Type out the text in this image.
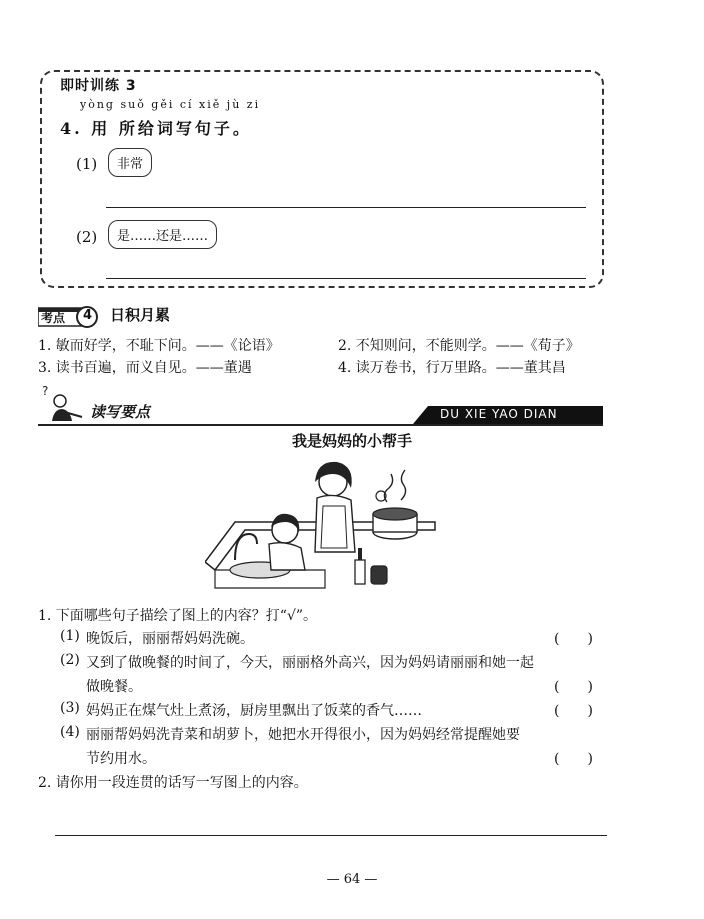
即时训练 3
yòng suǒ gěi cí xiě jù zi
4. 用 所给词写句子。
(1)	非常
(2)	是……还是……
考点 4 日积月累
1. 敏而好学，不耻下问。——《论语》	2. 不知则问，不能则学。——《荀子》
3. 读书百遍，而义自见。——董遇	4. 读万卷书，行万里路。——董其昌
?
读写要点	DU XIE YAO DIAN
我是妈妈的小帮手
1. 下面哪些句子描绘了图上的内容？打“√”。
(1) 晚饭后，丽丽帮妈妈洗碗。	(　　)
(2) 又到了做晚餐的时间了，今天，丽丽格外高兴，因为妈妈请丽丽和她一起
做晚餐。	(　　)
(3) 妈妈正在煤气灶上煮汤，厨房里飘出了饭菜的香气……	(　　)
(4) 丽丽帮妈妈洗青菜和胡萝卜，她把水开得很小，因为妈妈经常提醒她要
节约用水。	(　　)
2. 请你用一段连贯的话写一写图上的内容。
— 64 —
